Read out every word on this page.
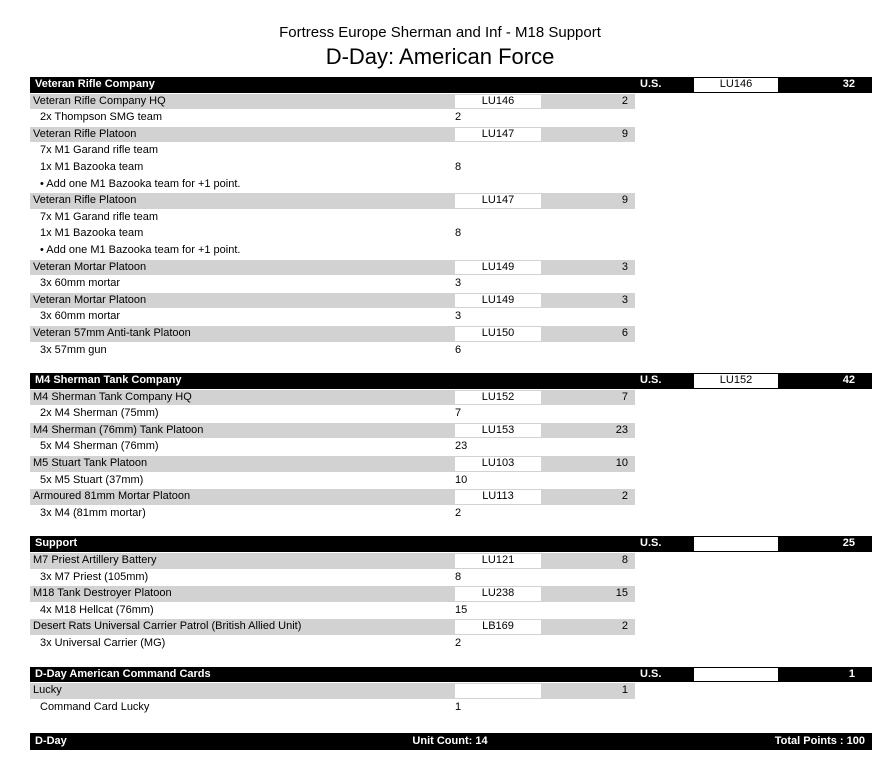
Fortress Europe Sherman and Inf - M18 Support
D-Day: American Force
Veteran Rifle Company	U.S.	LU146	32
Veteran Rifle Company HQ	LU146	2
2x Thompson SMG team	2
Veteran Rifle Platoon	LU147	9
7x M1 Garand rifle team
1x M1 Bazooka team	8
• Add one M1 Bazooka team for +1 point.
Veteran Rifle Platoon	LU147	9
7x M1 Garand rifle team
1x M1 Bazooka team	8
• Add one M1 Bazooka team for +1 point.
Veteran Mortar Platoon	LU149	3
3x 60mm mortar	3
Veteran Mortar Platoon	LU149	3
3x 60mm mortar	3
Veteran 57mm Anti-tank Platoon	LU150	6
3x 57mm gun	6
M4 Sherman Tank Company	U.S.	LU152	42
M4 Sherman Tank Company HQ	LU152	7
2x M4 Sherman (75mm)	7
M4 Sherman (76mm) Tank Platoon	LU153	23
5x M4 Sherman (76mm)	23
M5 Stuart Tank Platoon	LU103	10
5x M5 Stuart (37mm)	10
Armoured 81mm Mortar Platoon	LU113	2
3x M4 (81mm mortar)	2
Support	U.S.	25
M7 Priest Artillery Battery	LU121	8
3x M7 Priest (105mm)	8
M18 Tank Destroyer Platoon	LU238	15
4x M18 Hellcat (76mm)	15
Desert Rats Universal Carrier Patrol (British Allied Unit)	LB169	2
3x Universal Carrier (MG)	2
D-Day American Command Cards	U.S.	1
Lucky	1
Command Card Lucky	1
D-Day	Unit Count: 14	Total Points : 100
